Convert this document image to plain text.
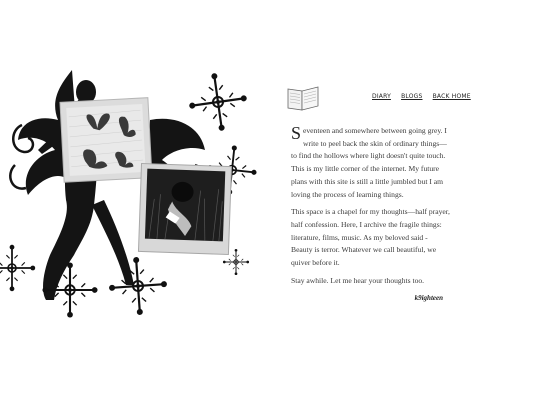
DIARY BLOGS BACK HOME

Seventeen and somewhere between going grey. I write to peel back the skin of ordinary things—to find the hollows where light doesn't quite touch. This is my little corner of the internet. My future plans with this site is still a little jumbled but I am loving the process of learning things.

This space is a chapel for my thoughts—half prayer, half confession. Here, I archive the fragile things: literature, films, music. As my beloved said - Beauty is terror. Whatever we call beautiful, we quiver before it.

Stay awhile. Let me hear your thoughts too.

k9ighteen
